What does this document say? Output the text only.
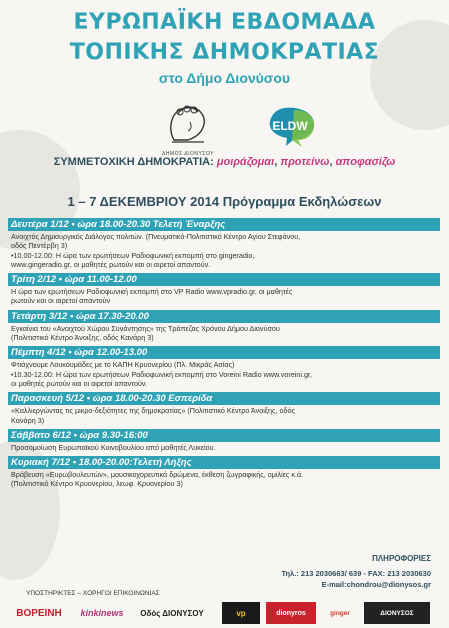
ΕΥΡΩΠΑΪΚΗ ΕΒΔΟΜΑΔΑ
ΤΟΠΙΚΗΣ ΔΗΜΟΚΡΑΤΙΑΣ
στο Δήμο Διονύσου
ΔΗΜΟΣ ΔΙΟΝΥΣΟΥ
ELDW
ΣΥΜΜΕΤΟΧΙΚΗ ΔΗΜΟΚΡΑΤΙΑ: μοιράζομαι, προτείνω, αποφασίζω
1 – 7 ΔΕΚΕΜΒΡΙΟΥ 2014 Πρόγραμμα Εκδηλώσεων
Δευτέρα 1/12 • ώρα 18.00-20.30 Τελετή Έναρξης
Ανοιχτός Δημιουργικός Διάλογος πολιτών. (Πνευματικό-Πολιτιστικό Κέντρο Αγίου Στεφάνου,
οδός Πεντέρβη 3)
•10.00-12.00: Η ώρα των ερωτήσεων Ραδιοφωνική εκπομπή στο gingeradio,
www.gingeradio.gr, οι μαθητές ρωτούν και οι αιρετοί απαντούν.
Τρίτη 2/12 • ώρα 11.00-12.00
Η ώρα των ερωτήσεων Ραδιοφωνική εκπομπή στο VP Radio www.vpradio.gr, οι μαθητές
ρωτούν και οι αιρετοί απαντούν
Τετάρτη 3/12 • ώρα 17.30-20.00
Εγκαίνια του «Ανοιχτού Χώρου Συνάντησης» της Τράπεζας Χρόνου Δήμου Διονύσου
(Πολιτιστικό Κέντρο Άνοιξης, οδός Κανάρη 3)
Πέμπτη 4/12 • ώρα 12.00-13.00
Φτιάχνουμε Λουκουμάδες με το ΚΑΠΗ Κρυονερίου (Πλ. Μικράς Ασίας)
•10.30-12.00: Η ώρα των ερωτήσεων Ραδιοφωνική εκπομπή στο Voreini Radio www.voreini.gr,
οι μαθητές ρωτούν και οι αιρετοί απαντούν.
Παρασκευή 5/12 • ώρα 18.00-20.30 Εσπερίδα
«Καλλιεργώντας τις μικρο-δεξιότητες της δημοκρατίας» (Πολιτιστικό Κέντρο Άνοιξης, οδός
Κανάρη 3)
Σάββατο 6/12 • ώρα 9.30-16:00
Προσομοίωση Ευρωπαϊκού Κοινοβουλίου από μαθητές Λυκείου.
Κυριακή 7/12 • 18.00-20.00:Τελετή Λήξης
Βράβευση «Ευρωβουλευτών», μουσικοχορευτικά δρώμενα, έκθεση ζωγραφικής, ομιλίες κ.ά.
(Πολιτιστικό Κέντρο Κρυονερίου, λεωφ. Κρυονερίου 3)
ΠΛΗΡΟΦΟΡΙΕΣ
Τηλ.: 213 2030663/ 639 - FAX: 213 2030630
E-mail:chondrou@dionysos.gr
ΥΠΟΣΤΗΡΙΚΤΕΣ – ΧΟΡΗΓΟΙ ΕΠΙΚΟΙΝΩΝΙΑΣ
ΒΟΡΕΙΝΗ kinkinews Οδός ΔΙΟΝΥΣΟΥ	vp	dionyros	ginger	ΔΙΟΝΥΣΟΣ
